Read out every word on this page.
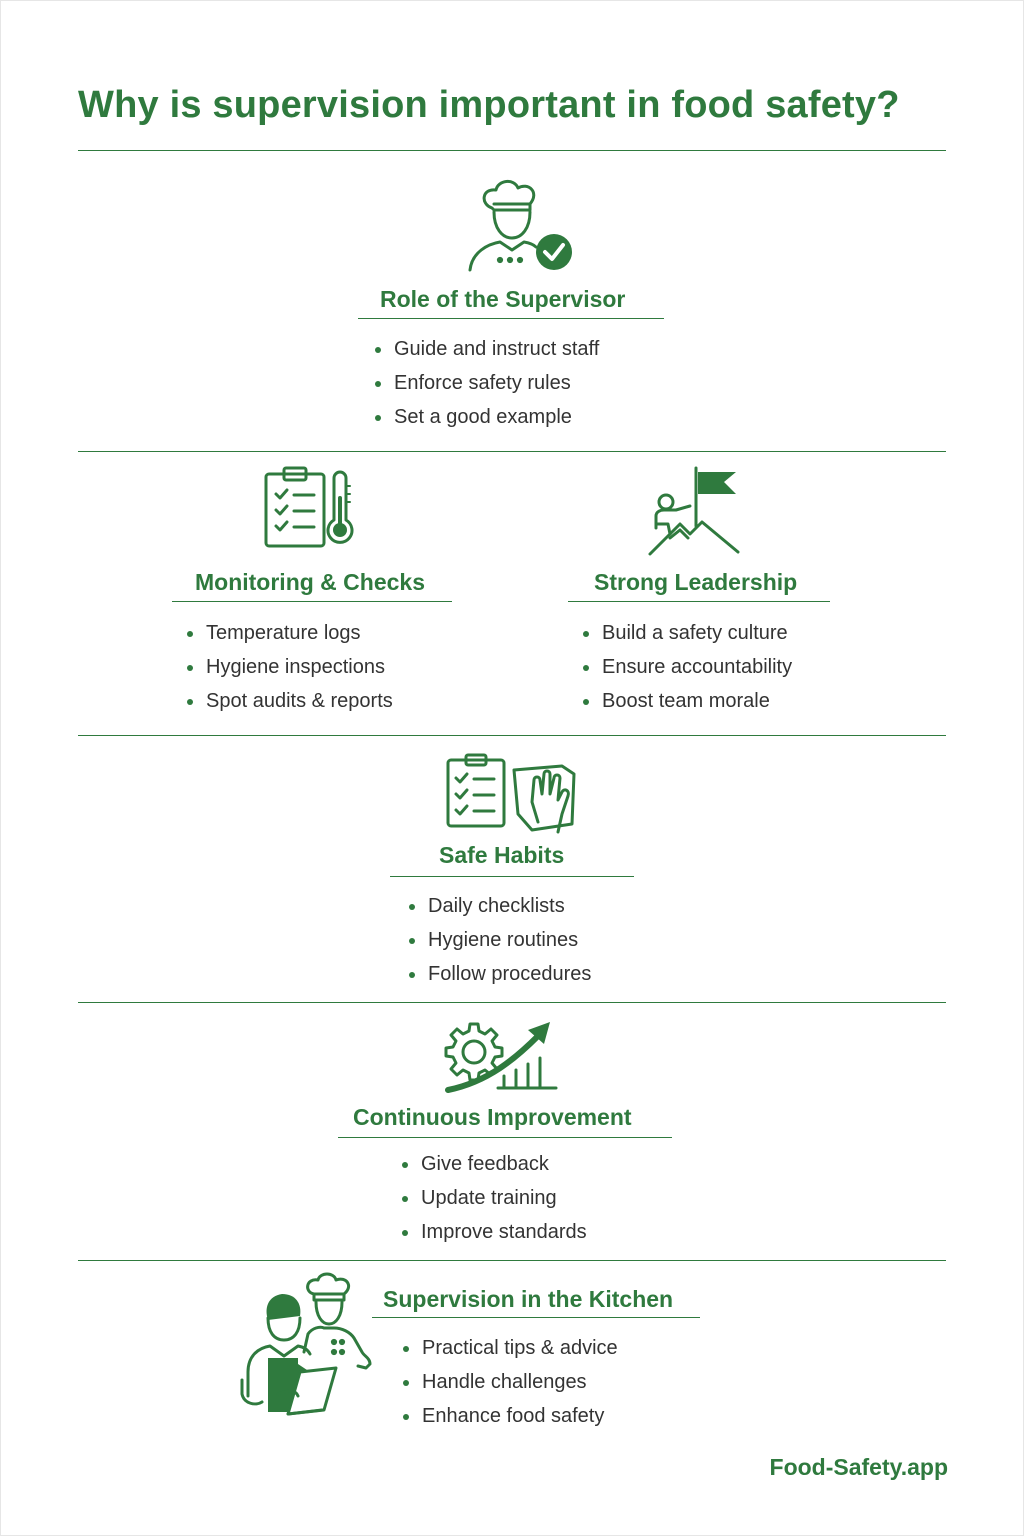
Why is supervision important in food safety?
Role of the Supervisor
Guide and instruct staff
Enforce safety rules
Set a good example
Monitoring & Checks
Temperature logs
Hygiene inspections
Spot audits & reports
Strong Leadership
Build a safety culture
Ensure accountability
Boost team morale
Safe Habits
Daily checklists
Hygiene routines
Follow procedures
Continuous Improvement
Give feedback
Update training
Improve standards
Supervision in the Kitchen
Practical tips & advice
Handle challenges
Enhance food safety
Food-Safety.app
